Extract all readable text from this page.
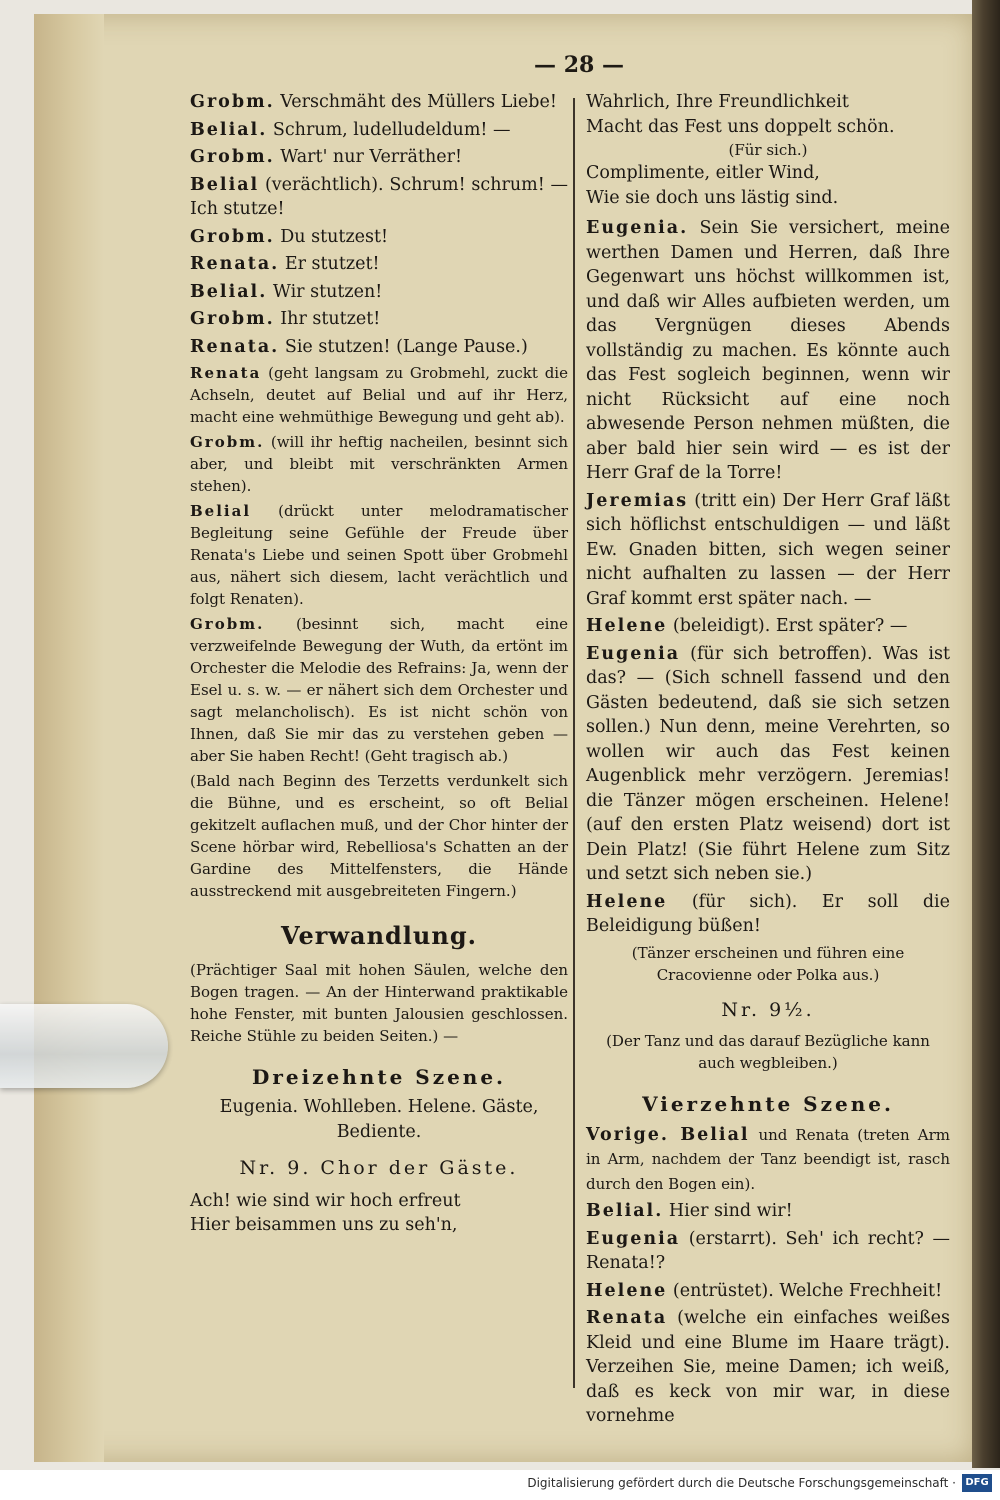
— 28 —

Grobm. Verschmäht des Müllers Liebe!

Belial. Schrum, ludelludeldum! —

Grobm. Wart' nur Verräther!

Belial (verächtlich). Schrum! schrum! — Ich stutze!

Grobm. Du stutzest!

Renata. Er stutzet!

Belial. Wir stutzen!

Grobm. Ihr stutzet!

Renata. Sie stutzen! (Lange Pause.)

Renata (geht langsam zu Grobmehl, zuckt die Achseln, deutet auf Belial und auf ihr Herz, macht eine wehmüthige Bewegung und geht ab).

Grobm. (will ihr heftig nacheilen, besinnt sich aber, und bleibt mit verschränkten Armen stehen).

Belial (drückt unter melodramatischer Begleitung seine Gefühle der Freude über Renata's Liebe und seinen Spott über Grobmehl aus, nähert sich diesem, lacht verächtlich und folgt Renaten).

Grobm. (besinnt sich, macht eine verzweifelnde Bewegung der Wuth, da ertönt im Orchester die Melodie des Refrains: Ja, wenn der Esel u. s. w. — er nähert sich dem Orchester und sagt melancholisch). Es ist nicht schön von Ihnen, daß Sie mir das zu verstehen geben — aber Sie haben Recht! (Geht tragisch ab.)

(Bald nach Beginn des Terzetts verdunkelt sich die Bühne, und es erscheint, so oft Belial gekitzelt auflachen muß, und der Chor hinter der Scene hörbar wird, Rebelliosa's Schatten an der Gardine des Mittelfensters, die Hände ausstreckend mit ausgebreiteten Fingern.)

Verwandlung.

(Prächtiger Saal mit hohen Säulen, welche den Bogen tragen. — An der Hinterwand praktikable hohe Fenster, mit bunten Jalousien geschlossen. Reiche Stühle zu beiden Seiten.) —

Dreizehnte Szene.

Eugenia. Wohlleben. Helene. Gäste, Bediente.

Nr. 9. Chor der Gäste.

Ach! wie sind wir hoch erfreut

Hier beisammen uns zu seh'n,

Wahrlich, Ihre Freundlichkeit

Macht das Fest uns doppelt schön.

(Für sich.)

Complimente, eitler Wind,

Wie sie doch uns lästig sind.

Eugenia. Sein Sie versichert, meine werthen Damen und Herren, daß Ihre Gegenwart uns höchst willkommen ist, und daß wir Alles aufbieten werden, um das Vergnügen dieses Abends vollständig zu machen. Es könnte auch das Fest sogleich beginnen, wenn wir nicht Rücksicht auf eine noch abwesende Person nehmen müßten, die aber bald hier sein wird — es ist der Herr Graf de la Torre!

Jeremias (tritt ein) Der Herr Graf läßt sich höflichst entschuldigen — und läßt Ew. Gnaden bitten, sich wegen seiner nicht aufhalten zu lassen — der Herr Graf kommt erst später nach. —

Helene (beleidigt). Erst später? —

Eugenia (für sich betroffen). Was ist das? — (Sich schnell fassend und den Gästen bedeutend, daß sie sich setzen sollen.) Nun denn, meine Verehrten, so wollen wir auch das Fest keinen Augenblick mehr verzögern. Jeremias! die Tänzer mögen erscheinen. Helene! (auf den ersten Platz weisend) dort ist Dein Platz! (Sie führt Helene zum Sitz und setzt sich neben sie.)

Helene (für sich). Er soll die Beleidigung büßen!

(Tänzer erscheinen und führen eine Cracovienne oder Polka aus.)

Nr. 9½.

(Der Tanz und das darauf Bezügliche kann auch wegbleiben.)

Vierzehnte Szene.

Vorige. Belial und Renata (treten Arm in Arm, nachdem der Tanz beendigt ist, rasch durch den Bogen ein).

Belial. Hier sind wir!

Eugenia (erstarrt). Seh' ich recht? — Renata!?

Helene (entrüstet). Welche Frechheit!

Renata (welche ein einfaches weißes Kleid und eine Blume im Haare trägt). Verzeihen Sie, meine Damen; ich weiß, daß es keck von mir war, in diese vornehme

Digitalisierung gefördert durch die Deutsche Forschungsgemeinschaft · DFG
